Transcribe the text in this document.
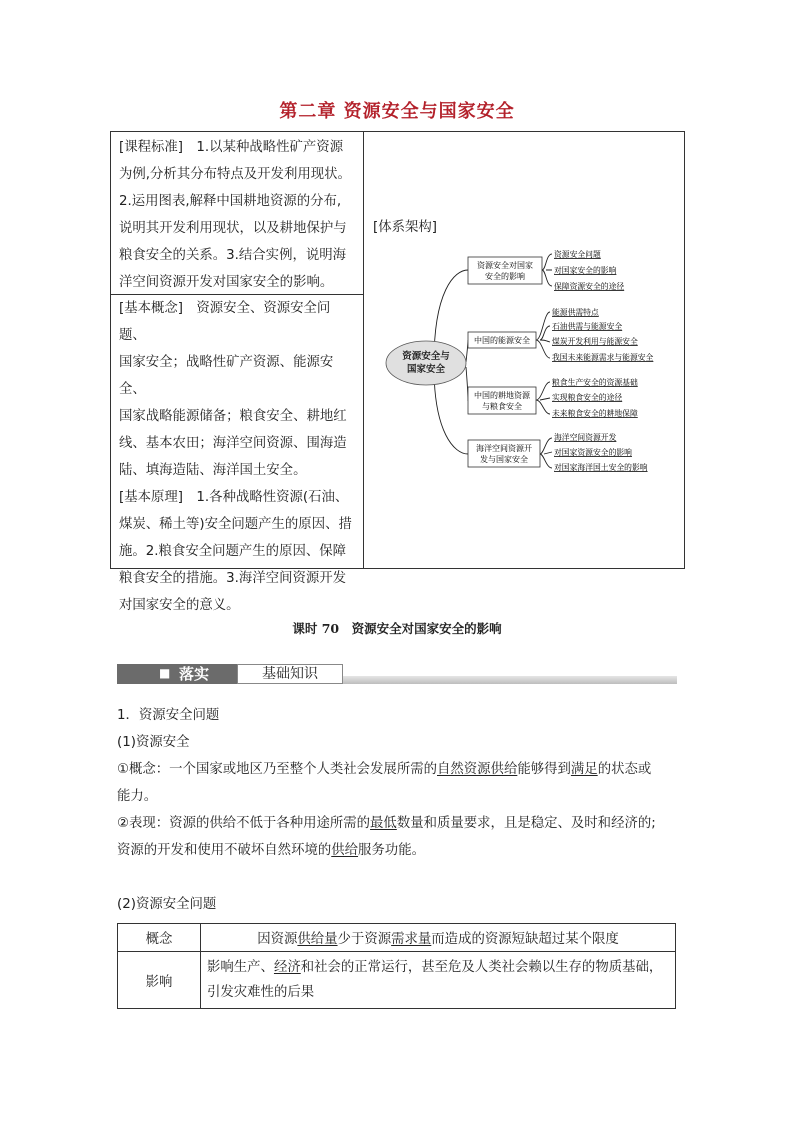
第二章 资源安全与国家安全
[课程标准]　1.以某种战略性矿产资源
为例,分析其分布特点及开发利用现状。
2.运用图表,解释中国耕地资源的分布,
说明其开发利用现状，以及耕地保护与
粮食安全的关系。3.结合实例，说明海
洋空间资源开发对国家安全的影响。
[基本概念]　资源安全、资源安全问题、
国家安全；战略性矿产资源、能源安全、
国家战略能源储备；粮食安全、耕地红
线、基本农田；海洋空间资源、围海造
陆、填海造陆、海洋国土安全。
[基本原理]　1.各种战略性资源(石油、
煤炭、稀土等)安全问题产生的原因、措
施。2.粮食安全问题产生的原因、保障
粮食安全的措施。3.海洋空间资源开发
对国家安全的意义。
[体系架构]
资源安全与
国家安全
资源安全对国家
安全的影响
资源安全问题
对国家安全的影响
保障资源安全的途径
中国的能源安全
能源供需特点
石油供需与能源安全
煤炭开发利用与能源安全
我国未来能源需求与能源安全
中国的耕地资源
与粮食安全
粮食生产安全的资源基础
实现粮食安全的途径
未来粮食安全的耕地保障
海洋空间资源开
发与国家安全
海洋空间资源开发
对国家资源安全的影响
对国家海洋国土安全的影响
课时 70　资源安全对国家安全的影响
■ 落实	基础知识
1．资源安全问题
(1)资源安全
①概念：一个国家或地区乃至整个人类社会发展所需的自然资源供给能够得到满足的状态或
能力。
②表现：资源的供给不低于各种用途所需的最低数量和质量要求，且是稳定、及时和经济的;
资源的开发和使用不破坏自然环境的供给服务功能。
(2)资源安全问题
概念	因资源供给量少于资源需求量而造成的资源短缺超过某个限度
影响	影响生产、经济和社会的正常运行，甚至危及人类社会赖以生存的物质基础，
引发灾难性的后果
